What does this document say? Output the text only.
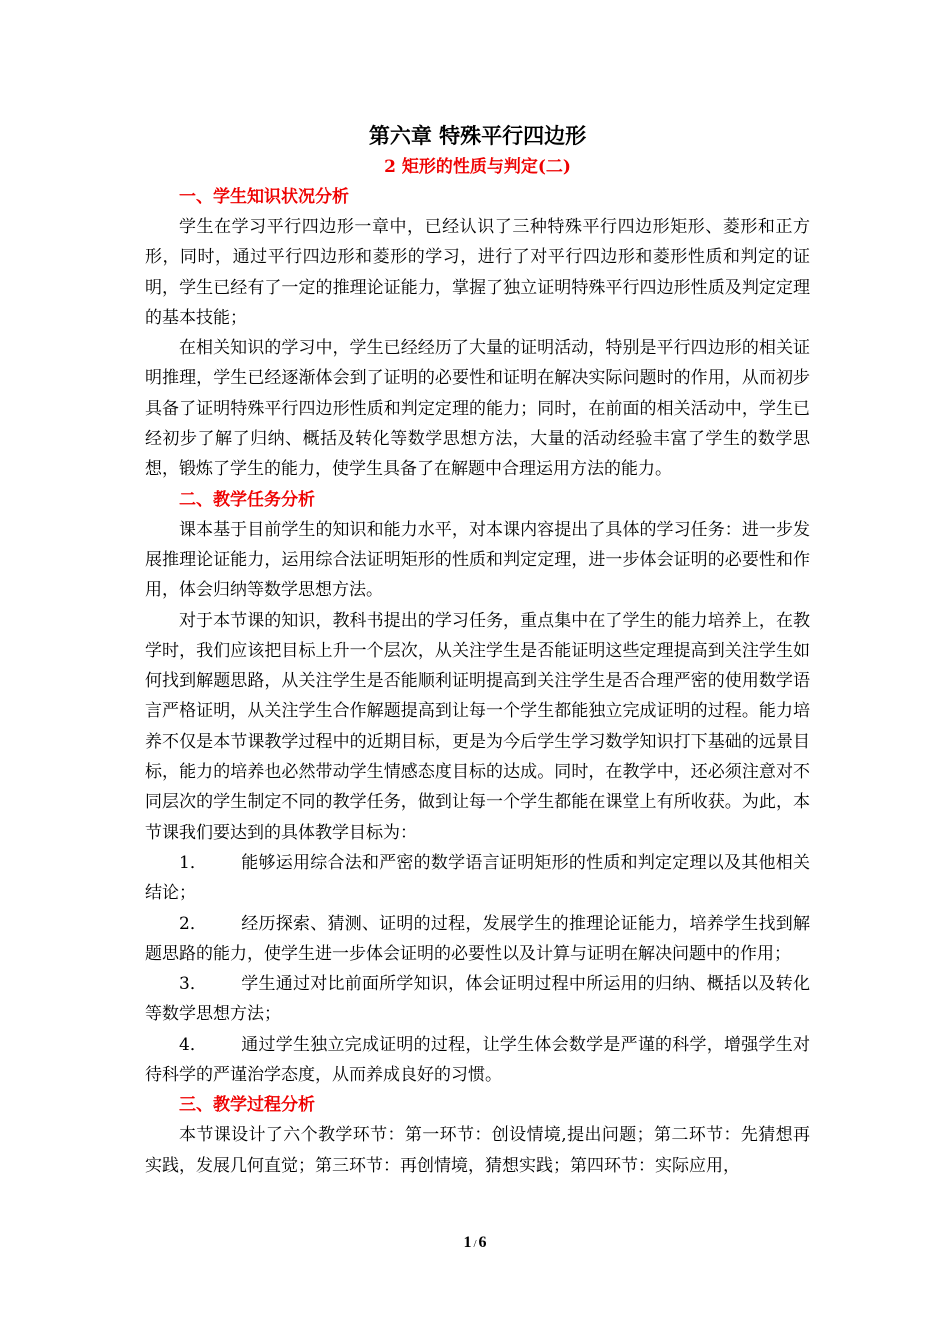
第六章 特殊平行四边形
2 矩形的性质与判定(二)
一、学生知识状况分析

学生在学习平行四边形一章中，已经认识了三种特殊平行四边形矩形、菱形和正方形，同时，通过平行四边形和菱形的学习，进行了对平行四边形和菱形性质和判定的证明，学生已经有了一定的推理论证能力，掌握了独立证明特殊平行四边形性质及判定定理的基本技能；

在相关知识的学习中，学生已经经历了大量的证明活动，特别是平行四边形的相关证明推理，学生已经逐渐体会到了证明的必要性和证明在解决实际问题时的作用，从而初步具备了证明特殊平行四边形性质和判定定理的能力；同时，在前面的相关活动中，学生已经初步了解了归纳、概括及转化等数学思想方法，大量的活动经验丰富了学生的数学思想，锻炼了学生的能力，使学生具备了在解题中合理运用方法的能力。

二、教学任务分析

课本基于目前学生的知识和能力水平，对本课内容提出了具体的学习任务：进一步发展推理论证能力，运用综合法证明矩形的性质和判定定理，进一步体会证明的必要性和作用，体会归纳等数学思想方法。

对于本节课的知识，教科书提出的学习任务，重点集中在了学生的能力培养上，在教学时，我们应该把目标上升一个层次，从关注学生是否能证明这些定理提高到关注学生如何找到解题思路，从关注学生是否能顺利证明提高到关注学生是否合理严密的使用数学语言严格证明，从关注学生合作解题提高到让每一个学生都能独立完成证明的过程。能力培养不仅是本节课教学过程中的近期目标，更是为今后学生学习数学知识打下基础的远景目标，能力的培养也必然带动学生情感态度目标的达成。同时，在教学中，还必须注意对不同层次的学生制定不同的教学任务，做到让每一个学生都能在课堂上有所收获。为此，本节课我们要达到的具体教学目标为：

1． 能够运用综合法和严密的数学语言证明矩形的性质和判定定理以及其他相关结论；

2． 经历探索、猜测、证明的过程，发展学生的推理论证能力，培养学生找到解题思路的能力，使学生进一步体会证明的必要性以及计算与证明在解决问题中的作用；

3． 学生通过对比前面所学知识，体会证明过程中所运用的归纳、概括以及转化等数学思想方法；

4． 通过学生独立完成证明的过程，让学生体会数学是严谨的科学，增强学生对待科学的严谨治学态度，从而养成良好的习惯。

三、教学过程分析

本节课设计了六个教学环节：第一环节：创设情境,提出问题；第二环节：先猜想再实践，发展几何直觉；第三环节：再创情境，猜想实践；第四环节：实际应用，

1 / 6
